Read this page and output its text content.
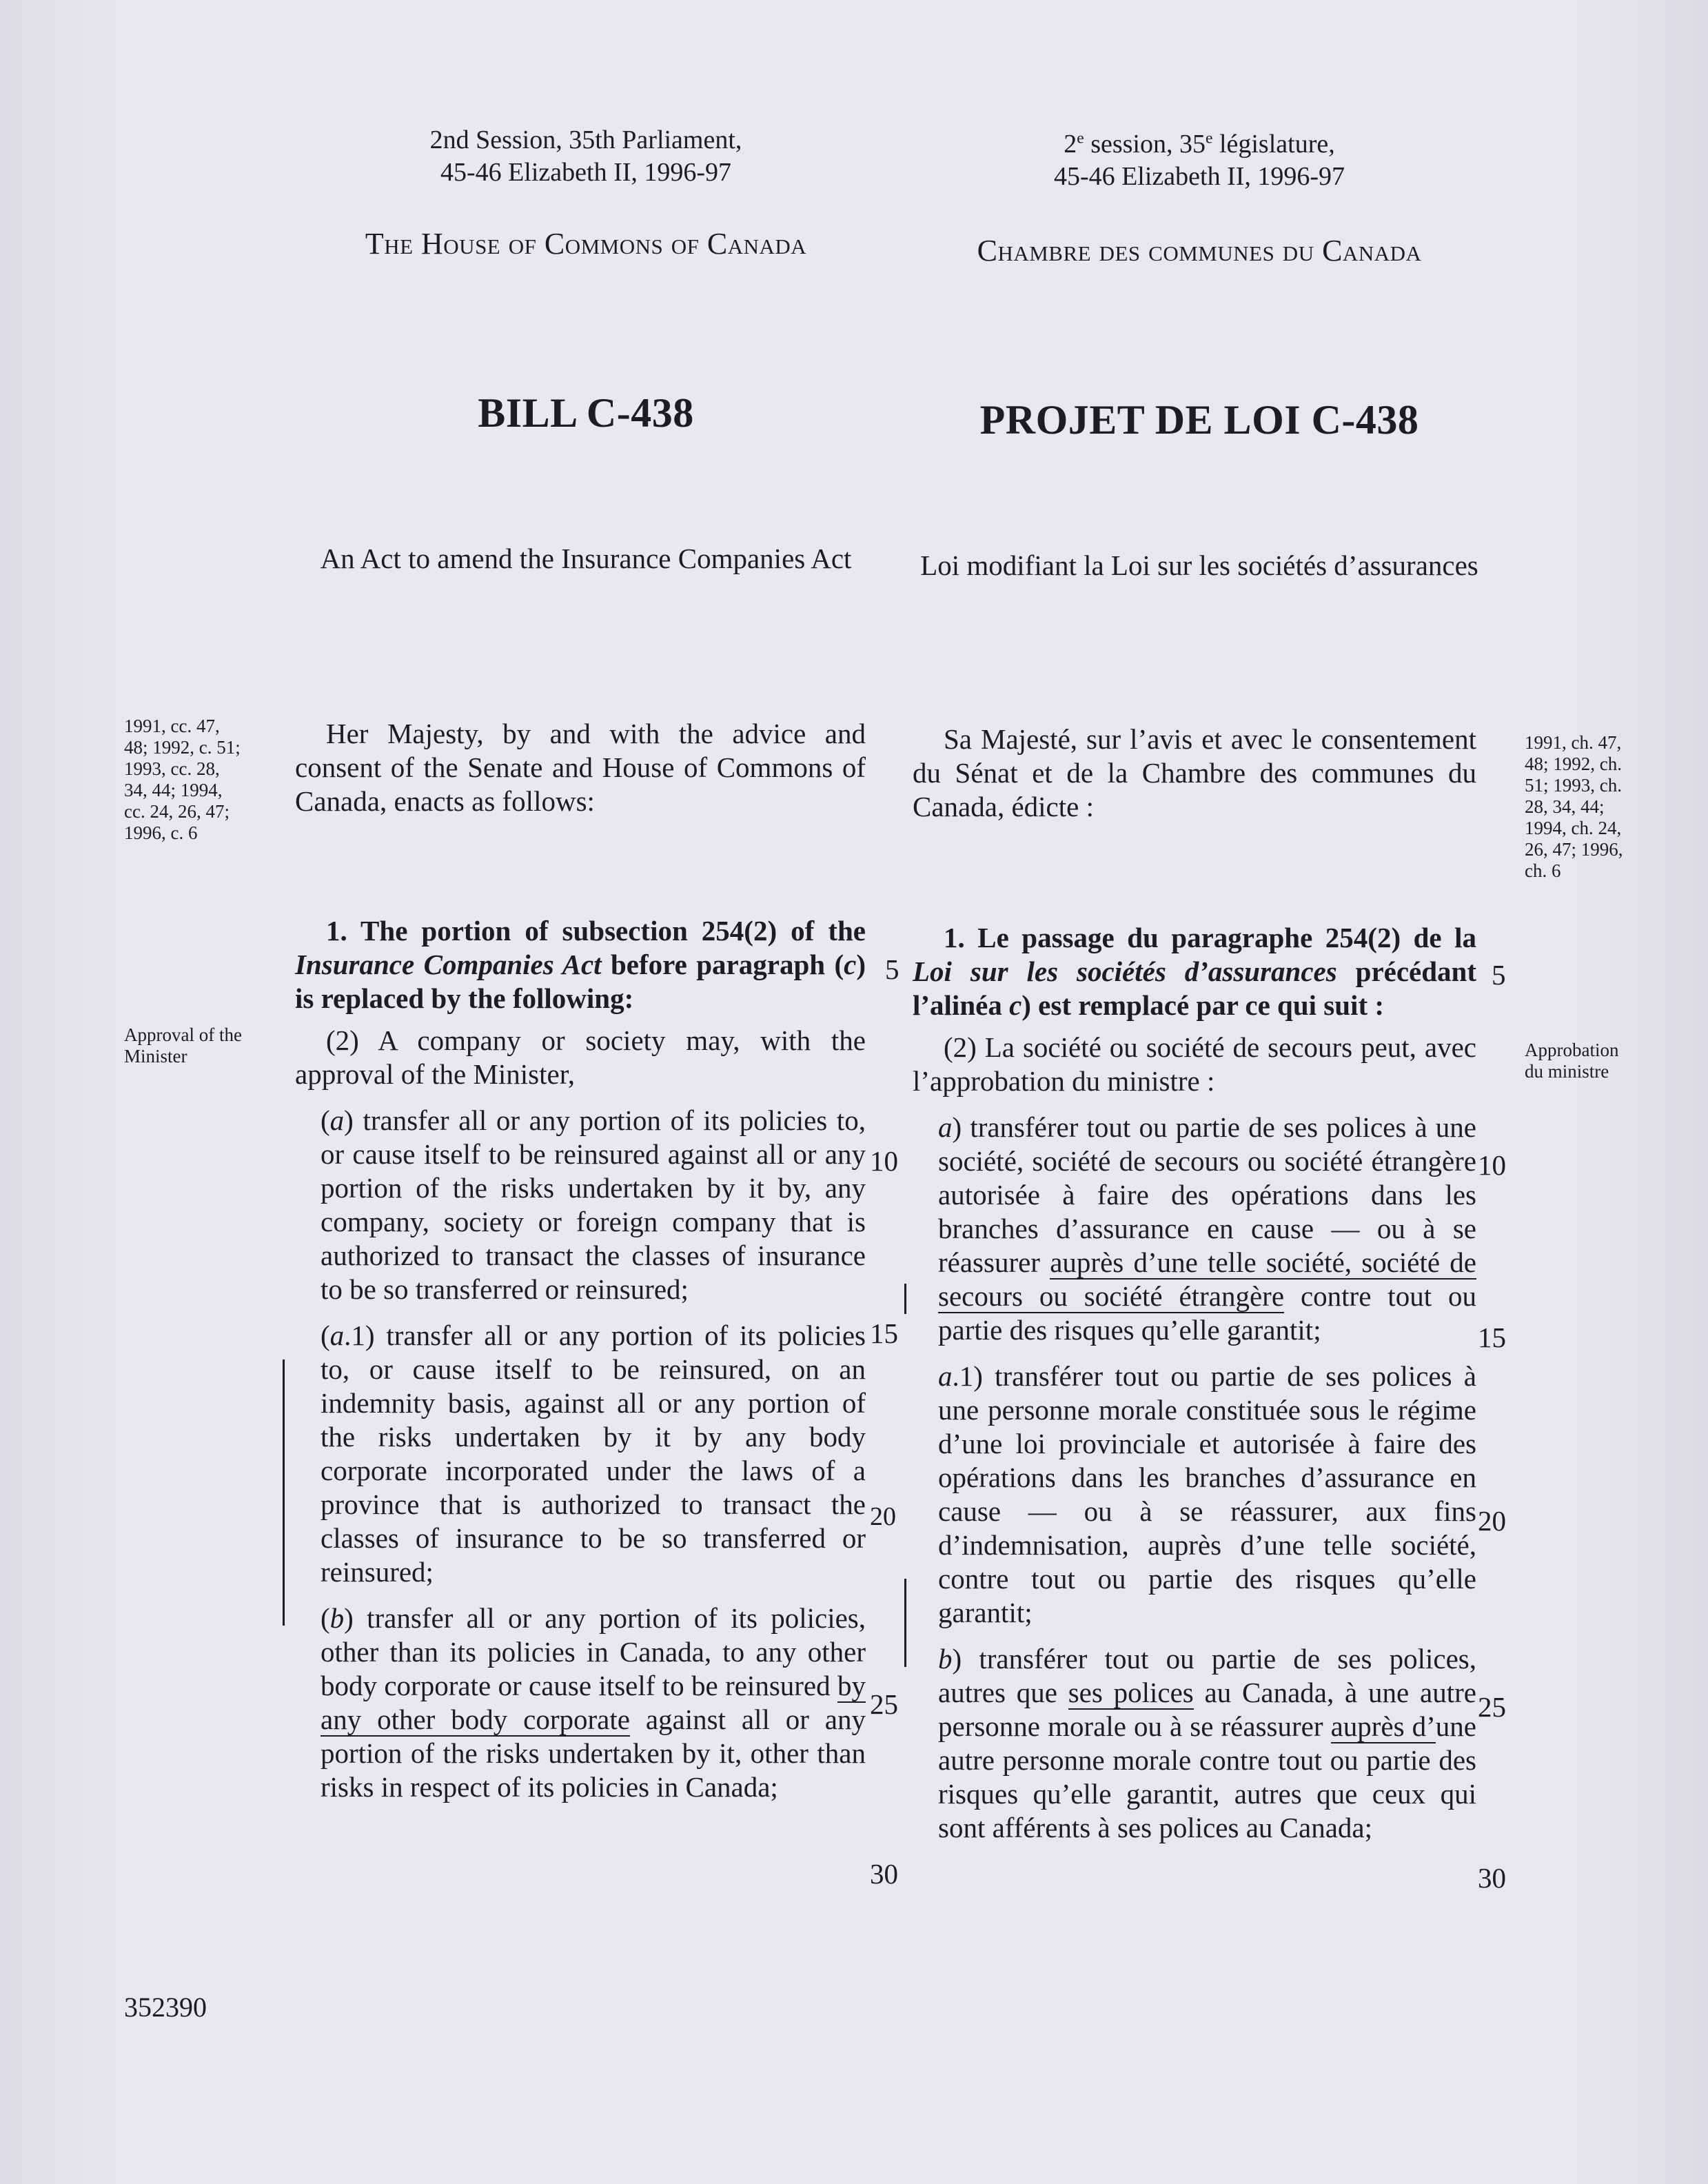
2nd Session, 35th Parliament,
45-46 Elizabeth II, 1996-97
The House of Commons of Canada
BILL C-438
An Act to amend the Insurance Companies Act
2e session, 35e législature,
45-46 Elizabeth II, 1996-97
Chambre des communes du Canada
PROJET DE LOI C-438
Loi modifiant la Loi sur les sociétés d’assurances
1991, cc. 47, 48; 1992, c. 51; 1993, cc. 28, 34, 44; 1994, cc. 24, 26, 47; 1996, c. 6
1991, ch. 47, 48; 1992, ch. 51; 1993, ch. 28, 34, 44; 1994, ch. 24, 26, 47; 1996, ch. 6
Approval of the Minister	Approbation du ministre

Her Majesty, by and with the advice and consent of the Senate and House of Commons of Canada, enacts as follows:

1. The portion of subsection 254(2) of the Insurance Companies Act before paragraph (c) is replaced by the following:

(2) A company or society may, with the approval of the Minister,

(a) transfer all or any portion of its policies to, or cause itself to be reinsured against all or any portion of the risks undertaken by it by, any company, society or foreign company that is authorized to transact the classes of insurance to be so transferred or reinsured;

(a.1) transfer all or any portion of its policies to, or cause itself to be reinsured, on an indemnity basis, against all or any portion of the risks undertaken by it by any body corporate incorporated under the laws of a province that is authorized to transact the classes of insurance to be so transferred or reinsured;

(b) transfer all or any portion of its policies, other than its policies in Canada, to any other body corporate or cause itself to be reinsured by any other body corporate against all or any portion of the risks undertaken by it, other than risks in respect of its policies in Canada;

Sa Majesté, sur l’avis et avec le consentement du Sénat et de la Chambre des communes du Canada, édicte :

1. Le passage du paragraphe 254(2) de la Loi sur les sociétés d’assurances précédant l’alinéa c) est remplacé par ce qui suit :

(2) La société ou société de secours peut, avec l’approbation du ministre :

a) transférer tout ou partie de ses polices à une société, société de secours ou société étrangère autorisée à faire des opérations dans les branches d’assurance en cause — ou à se réassurer auprès d’une telle société, société de secours ou société étrangère contre tout ou partie des risques qu’elle garantit;

a.1) transférer tout ou partie de ses polices à une personne morale constituée sous le régime d’une loi provinciale et autorisée à faire des opérations dans les branches d’assurance en cause — ou à se réassurer, aux fins d’indemnisation, auprès d’une telle société, contre tout ou partie des risques qu’elle garantit;

b) transférer tout ou partie de ses polices, autres que ses polices au Canada, à une autre personne morale ou à se réassurer auprès d’une autre personne morale contre tout ou partie des risques qu’elle garantit, autres que ceux qui sont afférents à ses polices au Canada;

5
10
15
20
25
30
5
10
15
20
25
30
352390
